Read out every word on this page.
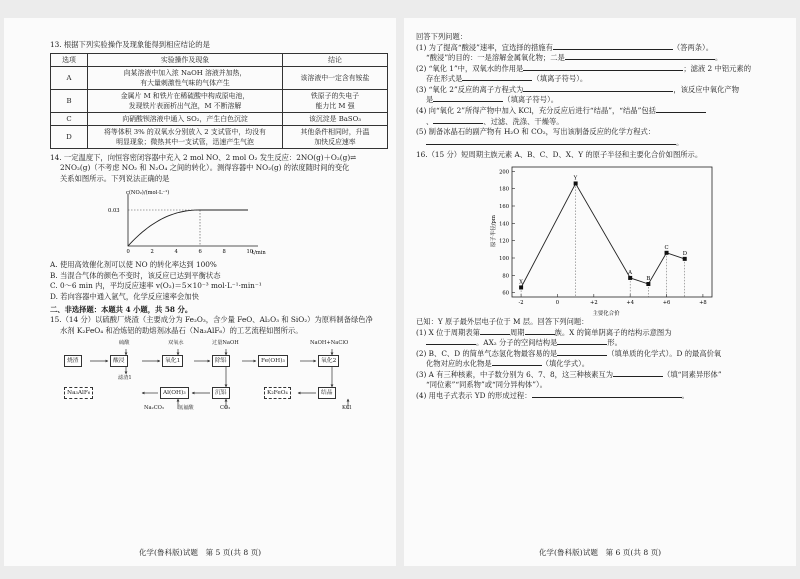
13. 根据下列实验操作及现象能得到相应结论的是
选项	实验操作及现象	结论
A	向某溶液中加入浓 NaOH 溶液并加热，
有大量刺激性气味的气体产生	该溶液中一定含有铵盐
B	金属片 M 和铁片在稀硫酸中构成原电池，
发现铁片表面析出气泡，M 不断溶解	铁原子的失电子
能力比 M 强
C	向硝酸钡溶液中通入 SO₂，产生白色沉淀	该沉淀是 BaSO₃
D	将等体积 3% 的双氧水分别放入 2 支试管中，均没有
明显现象；微热其中一支试管，迅速产生气泡	其他条件相同时，升温
加快反应速率
14. 一定温度下，向恒容密闭容器中充入 2 mol NO、2 mol O₂ 发生反应：2NO(g)＋O₂(g)⇌
2NO₂(g)（不考虑 NO₂ 和 N₂O₄ 之间的转化）。测得容器中 NO₂(g) 的浓度随时间的变化
关系如图所示。下列说法正确的是
c(NO₂)/(mol·L⁻¹)
t/min
0.03
0	2	4	6	8	10
A. 使用高效催化剂可以使 NO 的转化率达到 100%
B. 当混合气体的颜色不变时，该反应已达到平衡状态
C. 0～6 min 内，平均反应速率 v(O₂)＝5×10⁻³ mol·L⁻¹·min⁻¹
D. 若向容器中通入氩气，化学反应速率会加快
二、非选择题：本题共 4 小题，共 58 分。
15.（14 分）以硫酸厂烧渣（主要成分为 Fe₂O₃，含少量 FeO、Al₂O₃ 和 SiO₂）为原料制备绿色净
水剂 K₂FeO₄ 和冶炼铝的助熔剂冰晶石（Na₃AlF₆）的工艺流程如图所示。
硫酸	双氧水	过量NaOH	NaOH+NaClO
烧渣	酸浸	氧化1	除铝	Fe(OH)₃	氧化2
滤渣1
Na₃AlF₆	Al(OH)₃	沉铝	K₂FeO₄	结晶
Na₂CO₃	氢氟酸	CO₂	KCl
化学(鲁科版)试题　第 5 页(共 8 页)
回答下列问题：
(1) 为了提高“酸浸”速率，宜选择的措施有	（答两条）。
“酸浸”的目的：一是溶解金属氧化物；二是	。
(2) “氧化 1”中，双氧水的作用是	；滤液 2 中铝元素的
存在形式是	（填离子符号）。
(3) “氧化 2”反应的离子方程式为	，该反应中氧化产物
是	（填离子符号）。
(4) 向“氧化 2”所得产物中加入 KCl，充分反应后进行“结晶”，“结晶”包括
、	、过滤、洗涤、干燥等。
(5) 制备冰晶石的副产物有 H₂O 和 CO₂，写出该制备反应的化学方程式：
。
16.（15 分）短周期主族元素 A、B、C、D、X、Y 的原子半径和主要化合价如图所示。
60
80
100
120
140
160
180
200
-2	0	+2	+4	+6	+8
X
Y
A
B
C
D
原子半径/pm
主要化合价
已知：Y 原子最外层电子位于 M 层。回答下列问题：
(1) X 位于周期表第	周期	族。X 的简单阴离子的结构示意图为
。AX₂ 分子的空间结构是	形。
(2) B、C、D 的简单气态氢化物最容易的是	（填单质的化学式）。D 的最高价氧
化物对应的水化物是	（填化学式）。
(3) A 有三种核素，中子数分别为 6、7、8，这三种核素互为	（填“同素异形体”
“同位素”“同系物”或“同分异构体”）。
(4) 用电子式表示 YD 的形成过程：	。
化学(鲁科版)试题　第 6 页(共 8 页)
